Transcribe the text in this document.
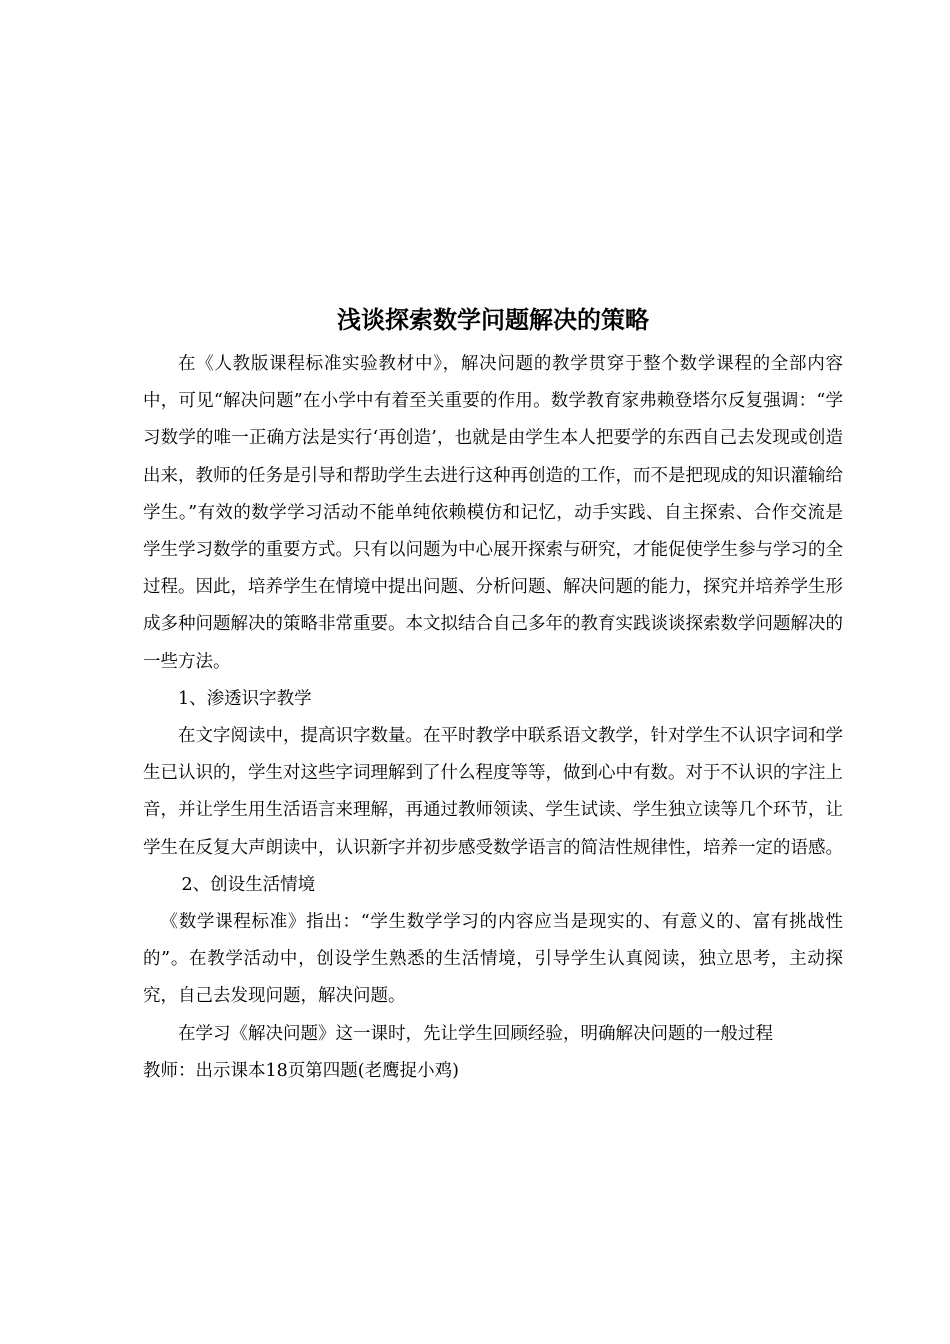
浅谈探索数学问题解决的策略

在《人教版课程标准实验教材中》，解决问题的教学贯穿于整个数学课程的全部内容中，可见“解决问题”在小学中有着至关重要的作用。数学教育家弗赖登塔尔反复强调：“学习数学的唯一正确方法是实行‘再创造’，也就是由学生本人把要学的东西自己去发现或创造出来，教师的任务是引导和帮助学生去进行这种再创造的工作，而不是把现成的知识灌输给学生。”有效的数学学习活动不能单纯依赖模仿和记忆，动手实践、自主探索、合作交流是学生学习数学的重要方式。只有以问题为中心展开探索与研究，才能促使学生参与学习的全过程。因此，培养学生在情境中提出问题、分析问题、解决问题的能力，探究并培养学生形成多种问题解决的策略非常重要。本文拟结合自己多年的教育实践谈谈探索数学问题解决的一些方法。

1、渗透识字教学

在文字阅读中，提高识字数量。在平时教学中联系语文教学，针对学生不认识字词和学生已认识的，学生对这些字词理解到了什么程度等等，做到心中有数。对于不认识的字注上音，并让学生用生活语言来理解，再通过教师领读、学生试读、学生独立读等几个环节，让学生在反复大声朗读中，认识新字并初步感受数学语言的简洁性规律性，培养一定的语感。

2、创设生活情境

《数学课程标准》指出：“学生数学学习的内容应当是现实的、有意义的、富有挑战性的”。在教学活动中，创设学生熟悉的生活情境，引导学生认真阅读，独立思考，主动探究，自己去发现问题，解决问题。

在学习《解决问题》这一课时，先让学生回顾经验，明确解决问题的一般过程

教师：出示课本18页第四题(老鹰捉小鸡)
